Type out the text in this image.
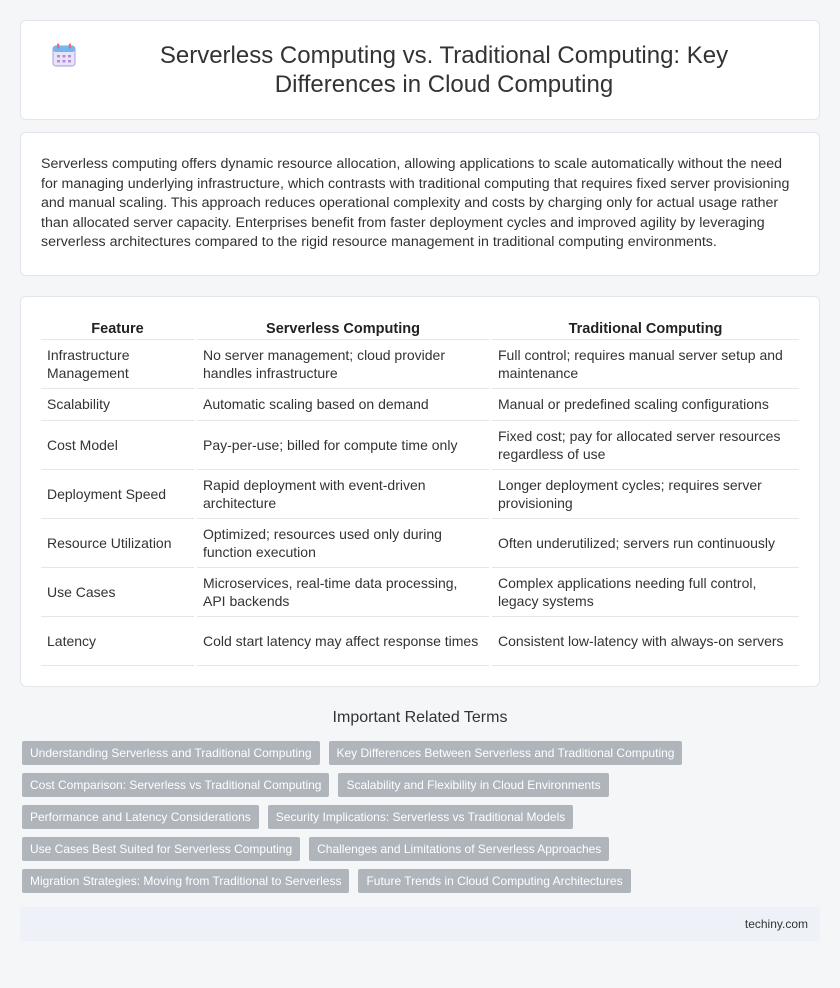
Serverless Computing vs. Traditional Computing: Key Differences in Cloud Computing

Serverless computing offers dynamic resource allocation, allowing applications to scale automatically without the need for managing underlying infrastructure, which contrasts with traditional computing that requires fixed server provisioning and manual scaling. This approach reduces operational complexity and costs by charging only for actual usage rather than allocated server capacity. Enterprises benefit from faster deployment cycles and improved agility by leveraging serverless architectures compared to the rigid resource management in traditional computing environments.

Feature	Serverless Computing	Traditional Computing
Infrastructure Management	No server management; cloud provider handles infrastructure	Full control; requires manual server setup and maintenance
Scalability	Automatic scaling based on demand	Manual or predefined scaling configurations
Cost Model	Pay-per-use; billed for compute time only	Fixed cost; pay for allocated server resources regardless of use
Deployment Speed	Rapid deployment with event-driven architecture	Longer deployment cycles; requires server provisioning
Resource Utilization	Optimized; resources used only during function execution	Often underutilized; servers run continuously
Use Cases	Microservices, real-time data processing, API backends	Complex applications needing full control, legacy systems
Latency	Cold start latency may affect response times	Consistent low-latency with always-on servers
Important Related Terms
Understanding Serverless and Traditional Computing	Key Differences Between Serverless and Traditional Computing
Cost Comparison: Serverless vs Traditional Computing	Scalability and Flexibility in Cloud Environments
Performance and Latency Considerations	Security Implications: Serverless vs Traditional Models
Use Cases Best Suited for Serverless Computing	Challenges and Limitations of Serverless Approaches
Migration Strategies: Moving from Traditional to Serverless	Future Trends in Cloud Computing Architectures
techiny.com
